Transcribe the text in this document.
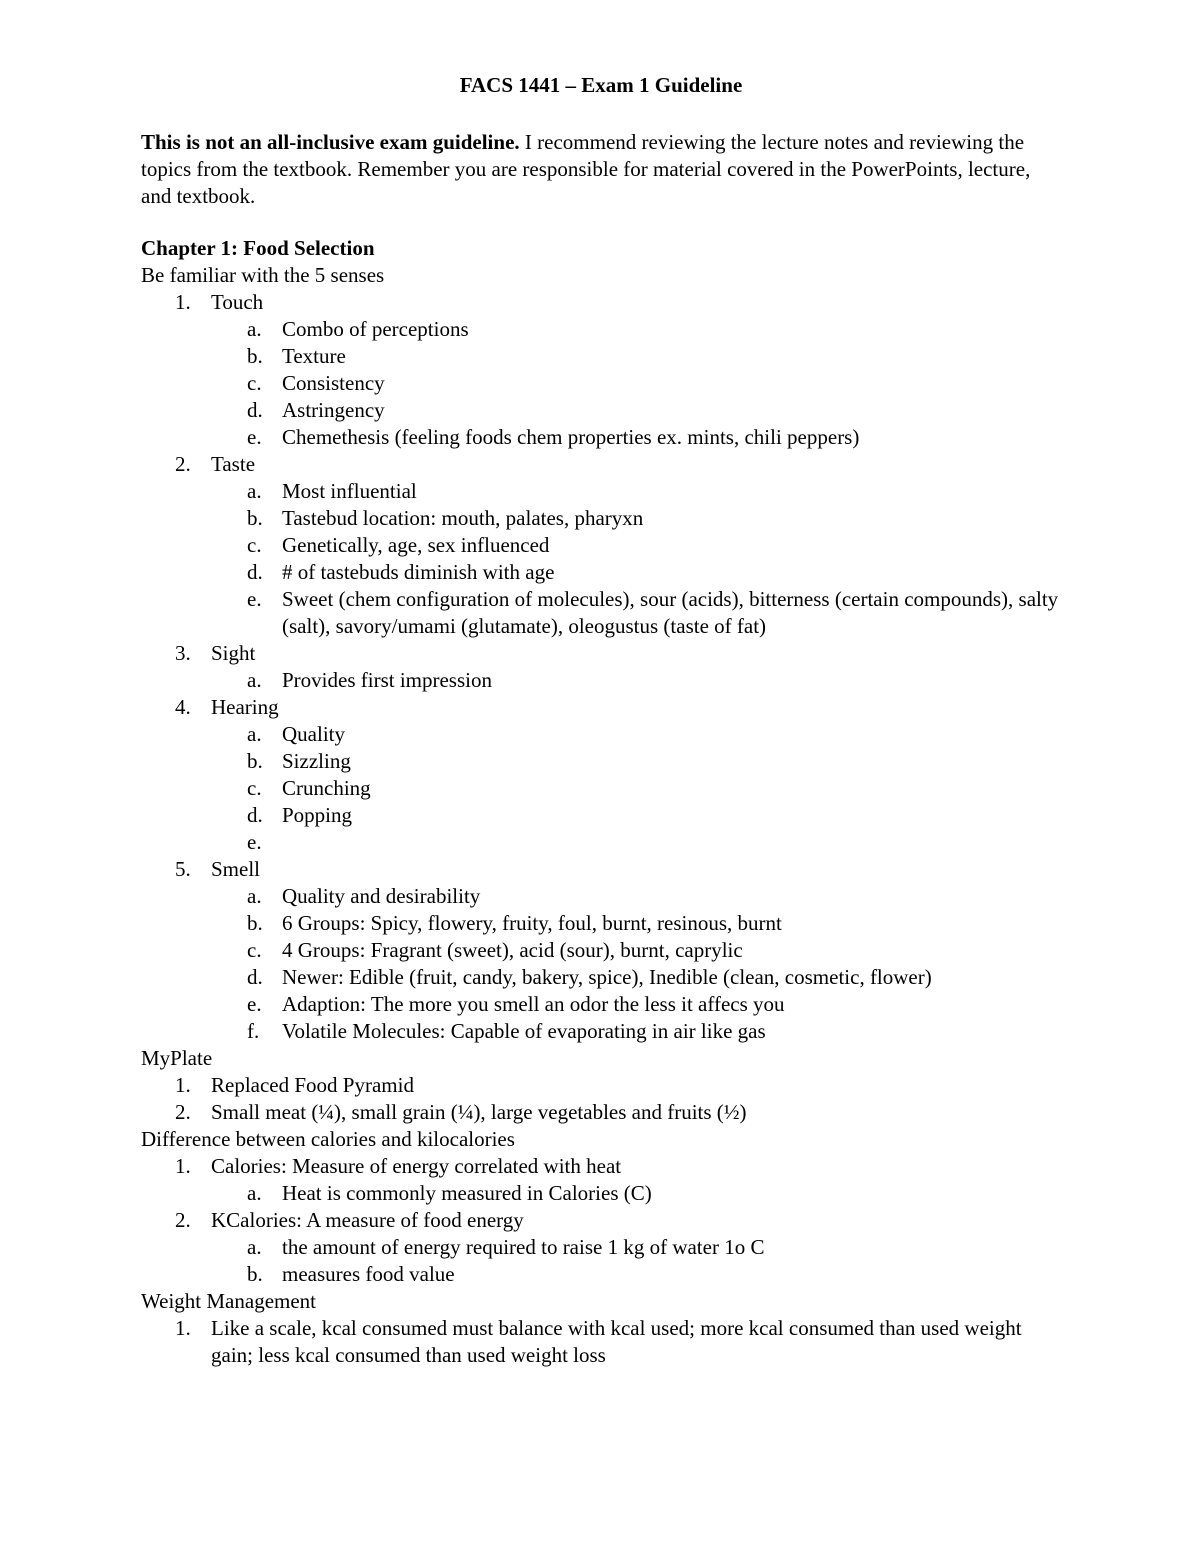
FACS 1441 – Exam 1 Guideline

This is not an all-inclusive exam guideline. I recommend reviewing the lecture notes and reviewing the topics from the textbook. Remember you are responsible for material covered in the PowerPoints, lecture, and textbook.

Chapter 1: Food Selection

Be familiar with the 5 senses

1. Touch
a. Combo of perceptions
b. Texture
c. Consistency
d. Astringency
e. Chemethesis (feeling foods chem properties ex. mints, chili peppers)
2. Taste
a. Most influential
b. Tastebud location: mouth, palates, pharyxn
c. Genetically, age, sex influenced
d. # of tastebuds diminish with age
e. Sweet (chem configuration of molecules), sour (acids), bitterness (certain compounds), salty (salt), savory/umami (glutamate), oleogustus (taste of fat)
3. Sight
a. Provides first impression
4. Hearing
a. Quality
b. Sizzling
c. Crunching
d. Popping
e.

5. Smell
a. Quality and desirability
b. 6 Groups: Spicy, flowery, fruity, foul, burnt, resinous, burnt
c. 4 Groups: Fragrant (sweet), acid (sour), burnt, caprylic
d. Newer: Edible (fruit, candy, bakery, spice), Inedible (clean, cosmetic, flower)
e. Adaption: The more you smell an odor the less it affecs you
f. Volatile Molecules: Capable of evaporating in air like gas

MyPlate

1. Replaced Food Pyramid
2. Small meat (¼), small grain (¼), large vegetables and fruits (½)

Difference between calories and kilocalories

1. Calories: Measure of energy correlated with heat
a. Heat is commonly measured in Calories (C)
2. KCalories: A measure of food energy
a. the amount of energy required to raise 1 kg of water 1o C
b. measures food value

Weight Management

1. Like a scale, kcal consumed must balance with kcal used; more kcal consumed than used weight gain; less kcal consumed than used weight loss
